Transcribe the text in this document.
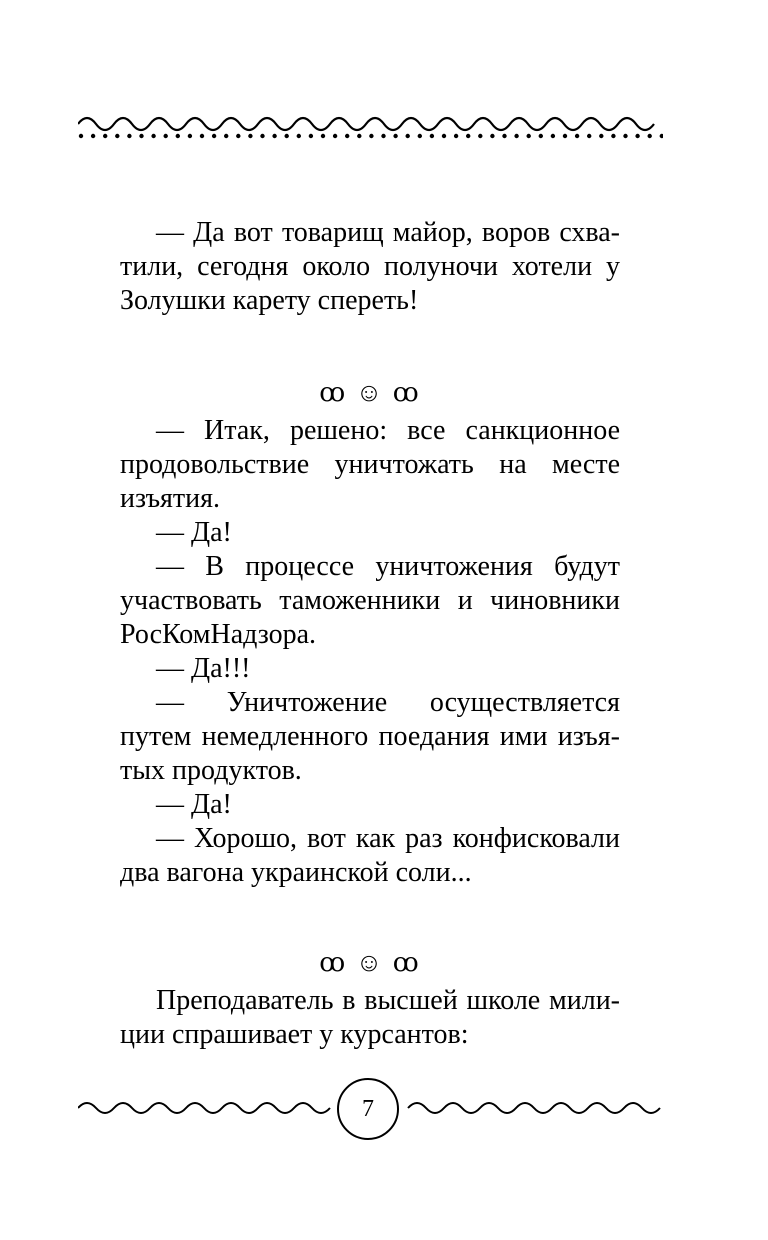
— Да вот товарищ майор, воров схва-
тили, сегодня около полуночи хотели у
Золушки карету спереть!
ꝏ ☺ ꝏ
— Итак, решено: все санкционное
продовольствие уничтожать на месте
изъятия.
— Да!
— В процессе уничтожения будут
участвовать таможенники и чиновники
РосКомНадзора.
— Да!!!
— Уничтожение осуществляется
путем немедленного поедания ими изъя-
тых продуктов.
— Да!
— Хорошо, вот как раз конфисковали
два вагона украинской соли...
ꝏ ☺ ꝏ
Преподаватель в высшей школе мили-
ции спрашивает у курсантов:
7
